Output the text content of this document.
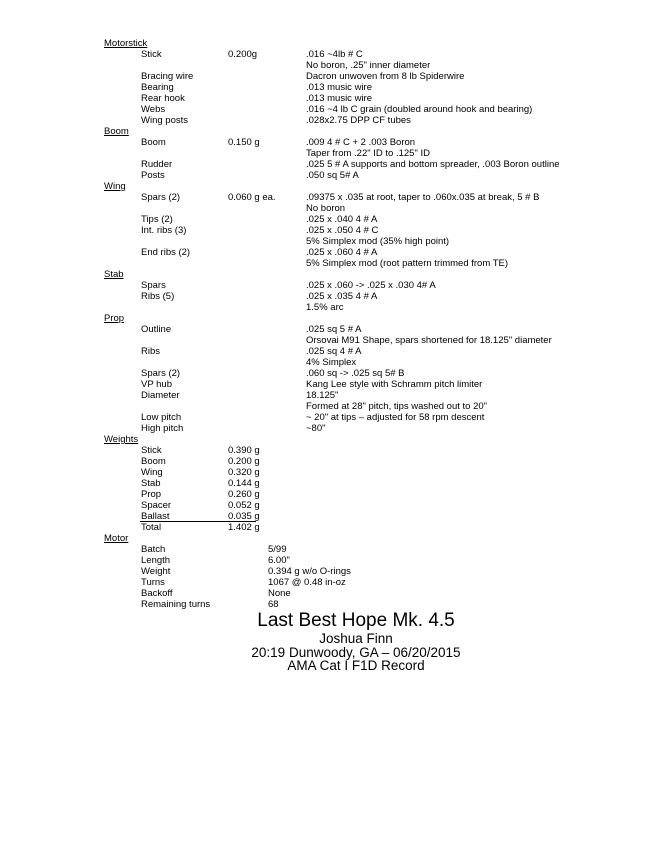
Motorstick
Stick	0.200g	.016 ~4lb # C
No boron, .25" inner diameter
Bracing wire	Dacron unwoven from 8 lb Spiderwire
Bearing	.013 music wire
Rear hook	.013 music wire
Webs	.016 ~4 lb C grain (doubled around hook and bearing)
Wing posts	.028x2.75 DPP CF tubes
Boom
Boom	0.150 g	.009 4 # C + 2 .003 Boron
Taper from .22" ID to .125" ID
Rudder	.025 5 # A supports and bottom spreader, .003 Boron outline
Posts	.050 sq 5# A
Wing
Spars (2)	0.060 g ea.	.09375 x .035 at root, taper to .060x.035 at break, 5 # B
No boron
Tips (2)	.025 x .040 4 # A
Int. ribs (3)	.025 x .050 4 # C
5% Simplex mod (35% high point)
End ribs (2)	.025 x .060 4 # A
5% Simplex mod (root pattern trimmed from TE)
Stab
Spars	.025 x .060 -> .025 x .030 4# A
Ribs (5)	.025 x .035 4 # A
1.5% arc
Prop
Outline	.025 sq 5 # A
Orsovai M91 Shape, spars shortened for 18.125" diameter
Ribs	.025 sq 4 # A
4% Simplex
Spars (2)	.060 sq -> .025 sq 5# B
VP hub	Kang Lee style with Schramm pitch limiter
Diameter	18.125"
Formed at 28" pitch, tips washed out to 20"
Low pitch	~ 20" at tips – adjusted for 58 rpm descent
High pitch	~80"
Weights
Stick	0.390 g
Boom	0.200 g
Wing	0.320 g
Stab	0.144 g
Prop	0.260 g
Spacer	0.052 g
Ballast	0.035 g
Total	1.402 g
Motor
Batch	5/99
Length	6.00"
Weight	0.394 g w/o O-rings
Turns	1067 @ 0.48 in-oz
Backoff	None
Remaining turns	68
Last Best Hope Mk. 4.5
Joshua Finn
20:19 Dunwoody, GA – 06/20/2015
AMA Cat I F1D Record
